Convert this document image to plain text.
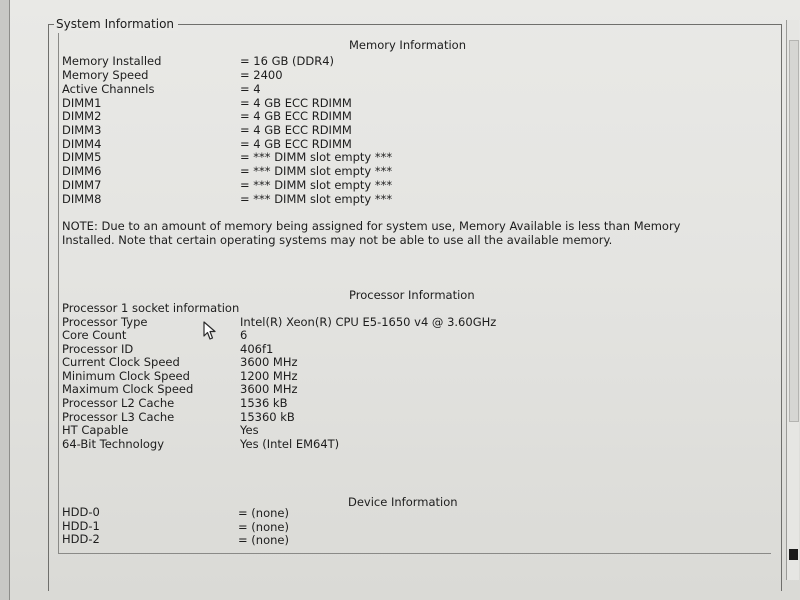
System Information
Memory Information
Memory Installed	= 16 GB (DDR4)
Memory Speed	= 2400
Active Channels	= 4
DIMM1	= 4 GB ECC RDIMM
DIMM2	= 4 GB ECC RDIMM
DIMM3	= 4 GB ECC RDIMM
DIMM4	= 4 GB ECC RDIMM
DIMM5	= *** DIMM slot empty ***
DIMM6	= *** DIMM slot empty ***
DIMM7	= *** DIMM slot empty ***
DIMM8	= *** DIMM slot empty ***
NOTE: Due to an amount of memory being assigned for system use, Memory Available is less than Memory Installed. Note that certain operating systems may not be able to use all the available memory.
Processor Information
Processor 1 socket information
Processor Type	Intel(R) Xeon(R) CPU E5-1650 v4 @ 3.60GHz
Core Count	6
Processor ID	406f1
Current Clock Speed	3600 MHz
Minimum Clock Speed	1200 MHz
Maximum Clock Speed	3600 MHz
Processor L2 Cache	1536 kB
Processor L3 Cache	15360 kB
HT Capable	Yes
64-Bit Technology	Yes (Intel EM64T)
Device Information
HDD-0	= (none)
HDD-1	= (none)
HDD-2	= (none)
